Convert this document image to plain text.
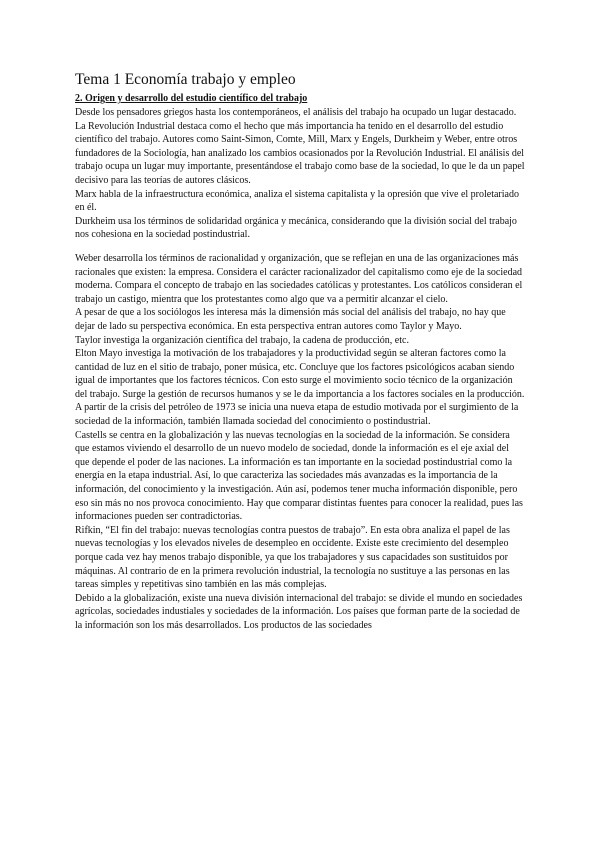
Tema 1 Economía trabajo y empleo

2. Origen y desarrollo del estudio científico del trabajo

Desde los pensadores griegos hasta los contemporáneos, el análisis del trabajo ha ocupado un lugar destacado. La Revolución Industrial destaca como el hecho que más importancia ha tenido en el desarrollo del estudio científico del trabajo. Autores como Saint-Simon, Comte, Mill, Marx y Engels, Durkheim y Weber, entre otros fundadores de la Sociología, han analizado los cambios ocasionados por la Revolución Industrial. El análisis del trabajo ocupa un lugar muy importante, presentándose el trabajo como base de la sociedad, lo que le da un papel decisivo para las teorías de autores clásicos.

Marx habla de la infraestructura económica, analiza el sistema capitalista y la opresión que vive el proletariado en él.

Durkheim usa los términos de solidaridad orgánica y mecánica, considerando que la división social del trabajo nos cohesiona en la sociedad postindustrial.

Weber desarrolla los términos de racionalidad y organización, que se reflejan en una de las organizaciones más racionales que existen: la empresa. Considera el carácter racionalizador del capitalismo como eje de la sociedad moderna. Compara el concepto de trabajo en las sociedades católicas y protestantes. Los católicos consideran el trabajo un castigo, mientra que los protestantes como algo que va a permitir alcanzar el cielo.

A pesar de que a los sociólogos les interesa más la dimensión más social del análisis del trabajo, no hay que dejar de lado su perspectiva económica. En esta perspectiva entran autores como Taylor y Mayo.

Taylor investiga la organización científica del trabajo, la cadena de producción, etc.

Elton Mayo investiga la motivación de los trabajadores y la productividad según se alteran factores como la cantidad de luz en el sitio de trabajo, poner música, etc. Concluye que los factores psicológicos acaban siendo igual de importantes que los factores técnicos. Con esto surge el movimiento socio técnico de la organización del trabajo. Surge la gestión de recursos humanos y se le da importancia a los factores sociales en la producción.

A partir de la crisis del petróleo de 1973 se inicia una nueva etapa de estudio motivada por el surgimiento de la sociedad de la información, también llamada sociedad del conocimiento o postindustrial.

Castells se centra en la globalización y las nuevas tecnologías en la sociedad de la información. Se considera que estamos viviendo el desarrollo de un nuevo modelo de sociedad, donde la información es el eje axial del que depende el poder de las naciones. La información es tan importante en la sociedad postindustrial como la energía en la etapa industrial. Así, lo que caracteriza las sociedades más avanzadas es la importancia de la información, del conocimiento y la investigación. Aún así, podemos tener mucha información disponible, pero eso sin más no nos provoca conocimiento. Hay que comparar distintas fuentes para conocer la realidad, pues las informaciones pueden ser contradictorias.

Rifkin, “El fin del trabajo: nuevas tecnologías contra puestos de trabajo”. En esta obra analiza el papel de las nuevas tecnologías y los elevados niveles de desempleo en occidente. Existe este crecimiento del desempleo porque cada vez hay menos trabajo disponible, ya que los trabajadores y sus capacidades son sustituidos por máquinas. Al contrario de en la primera revolución industrial, la tecnología no sustituye a las personas en las tareas simples y repetitivas sino también en las más complejas.

Debido a la globalización, existe una nueva división internacional del trabajo: se divide el mundo en sociedades agrícolas, sociedades industiales y sociedades de la información. Los países que forman parte de la sociedad de la información son los más desarrollados. Los productos de las sociedades
